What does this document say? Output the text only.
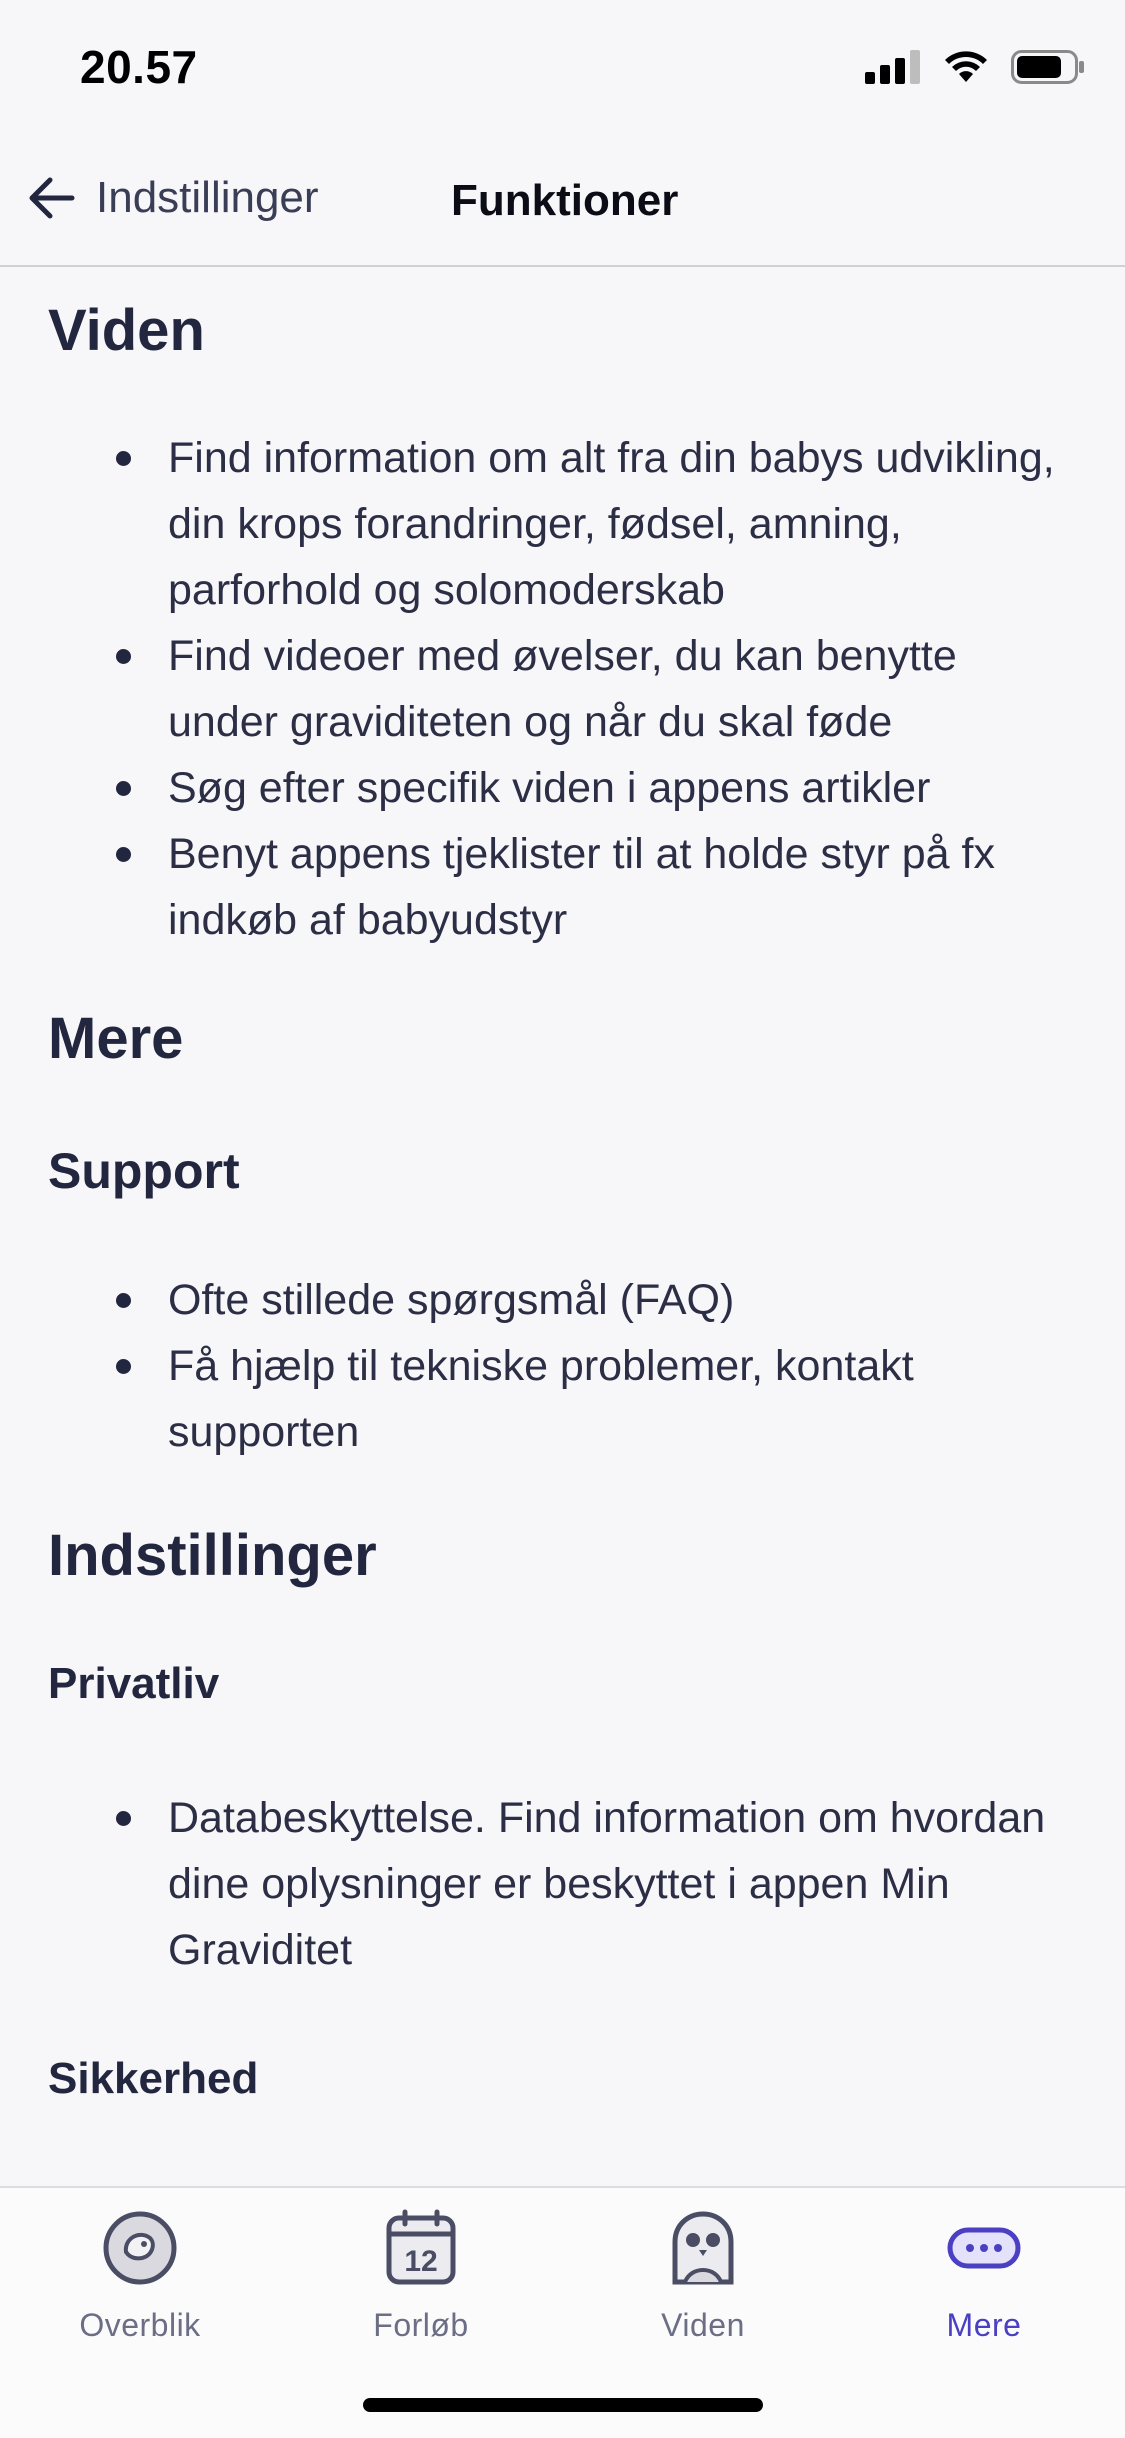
20.57
Indstillinger	Funktioner
Viden
Find information om alt fra din babys udvikling, din krops forandringer, fødsel, amning, parforhold og solomoderskab
Find videoer med øvelser, du kan benytte under graviditeten og når du skal føde
Søg efter specifik viden i appens artikler
Benyt appens tjeklister til at holde styr på fx indkøb af babyudstyr
Mere
Support
Ofte stillede spørgsmål (FAQ)
Få hjælp til tekniske problemer, kontakt supporten
Indstillinger
Privatliv
Databeskyttelse. Find information om hvordan dine oplysninger er beskyttet i appen Min Graviditet
Sikkerhed
Overblik
12
Forløb	Viden	Mere
